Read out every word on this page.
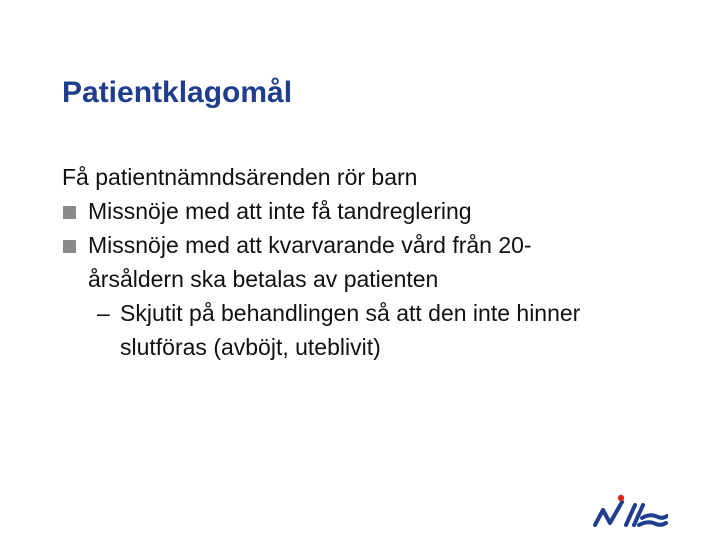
Patientklagomål

Få patientnämndsärenden rör barn

Missnöje med att inte få tandreglering
Missnöje med att kvarvarande vård från 20-
årsåldern ska betalas av patienten
– Skjutit på behandlingen så att den inte hinner
slutföras (avböjt, uteblivit)
